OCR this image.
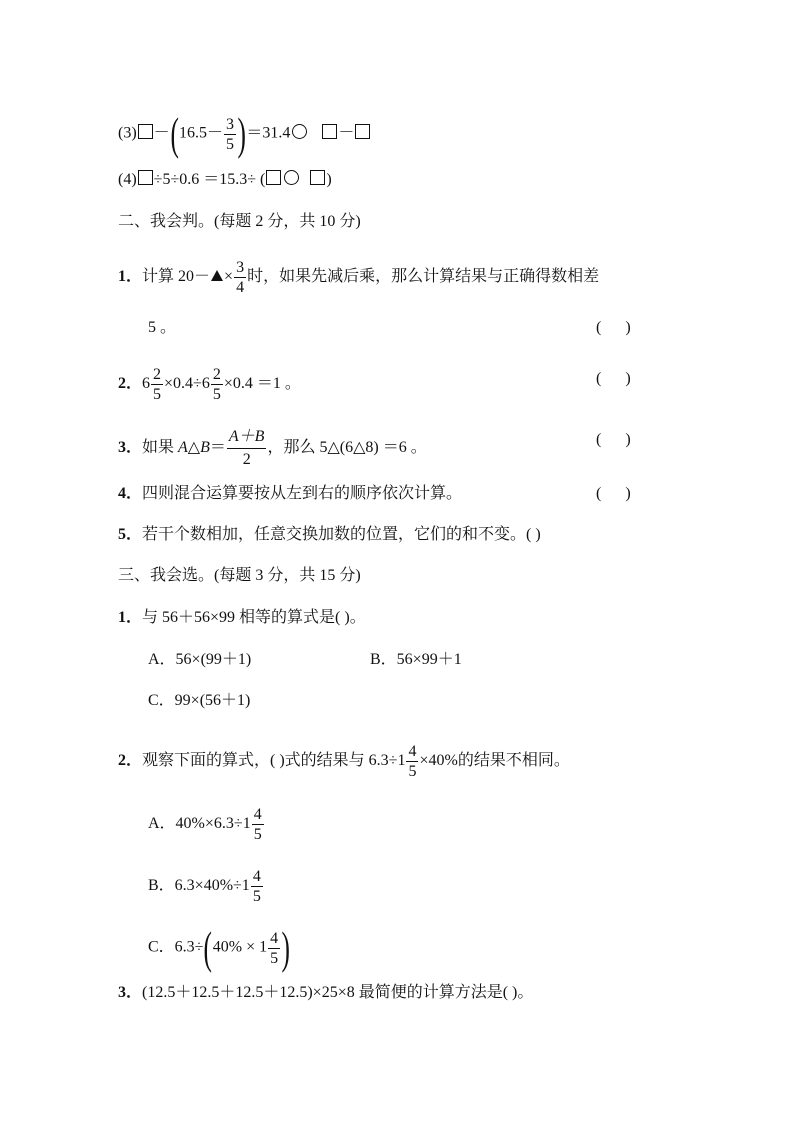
$(3) -(16.5- \frac{3}{5} )=31.4$	－
(4) ÷5÷0.6 ＝15.3÷ (	)
二、我会判。(每题 2 分，共 10 分)
1．计算 $20- \times \frac{3}{4}$ 时，如果先减后乘，那么计算结果与正确得数相差
5 。	(      )
2．$6 \frac{2}{5} \times 0.4\div 6 \frac{2}{5} \times 0.4 =1$ 。	(      )
3．如果 A△B＝ $\frac{A+B}{2}$ ，那么 5△(6△8) ＝6 。	(      )
4．四则混合运算要按从左到右的顺序依次计算。	(      )
5．若干个数相加，任意交换加数的位置，它们的和不变。( )
三、我会选。(每题 3 分，共 15 分)
1．与 56＋56×99 相等的算式是( )。
A．56×(99＋1)	B．56×99＋1
C．99×(56＋1)
2．观察下面的算式，( )式的结果与 $6.3\div 1 \frac{4}{5} \times 40\%$的结果不相同。
A．$40\%\times 6.3\div 1 \frac{4}{5}$
B．$6.3\times 40\%\div 1 \frac{4}{5}$
C．$6.3\div(40\% \times 1 \frac{4}{5}$ )
3．(12.5＋12.5＋12.5＋12.5)×25×8 最简便的计算方法是( )。
